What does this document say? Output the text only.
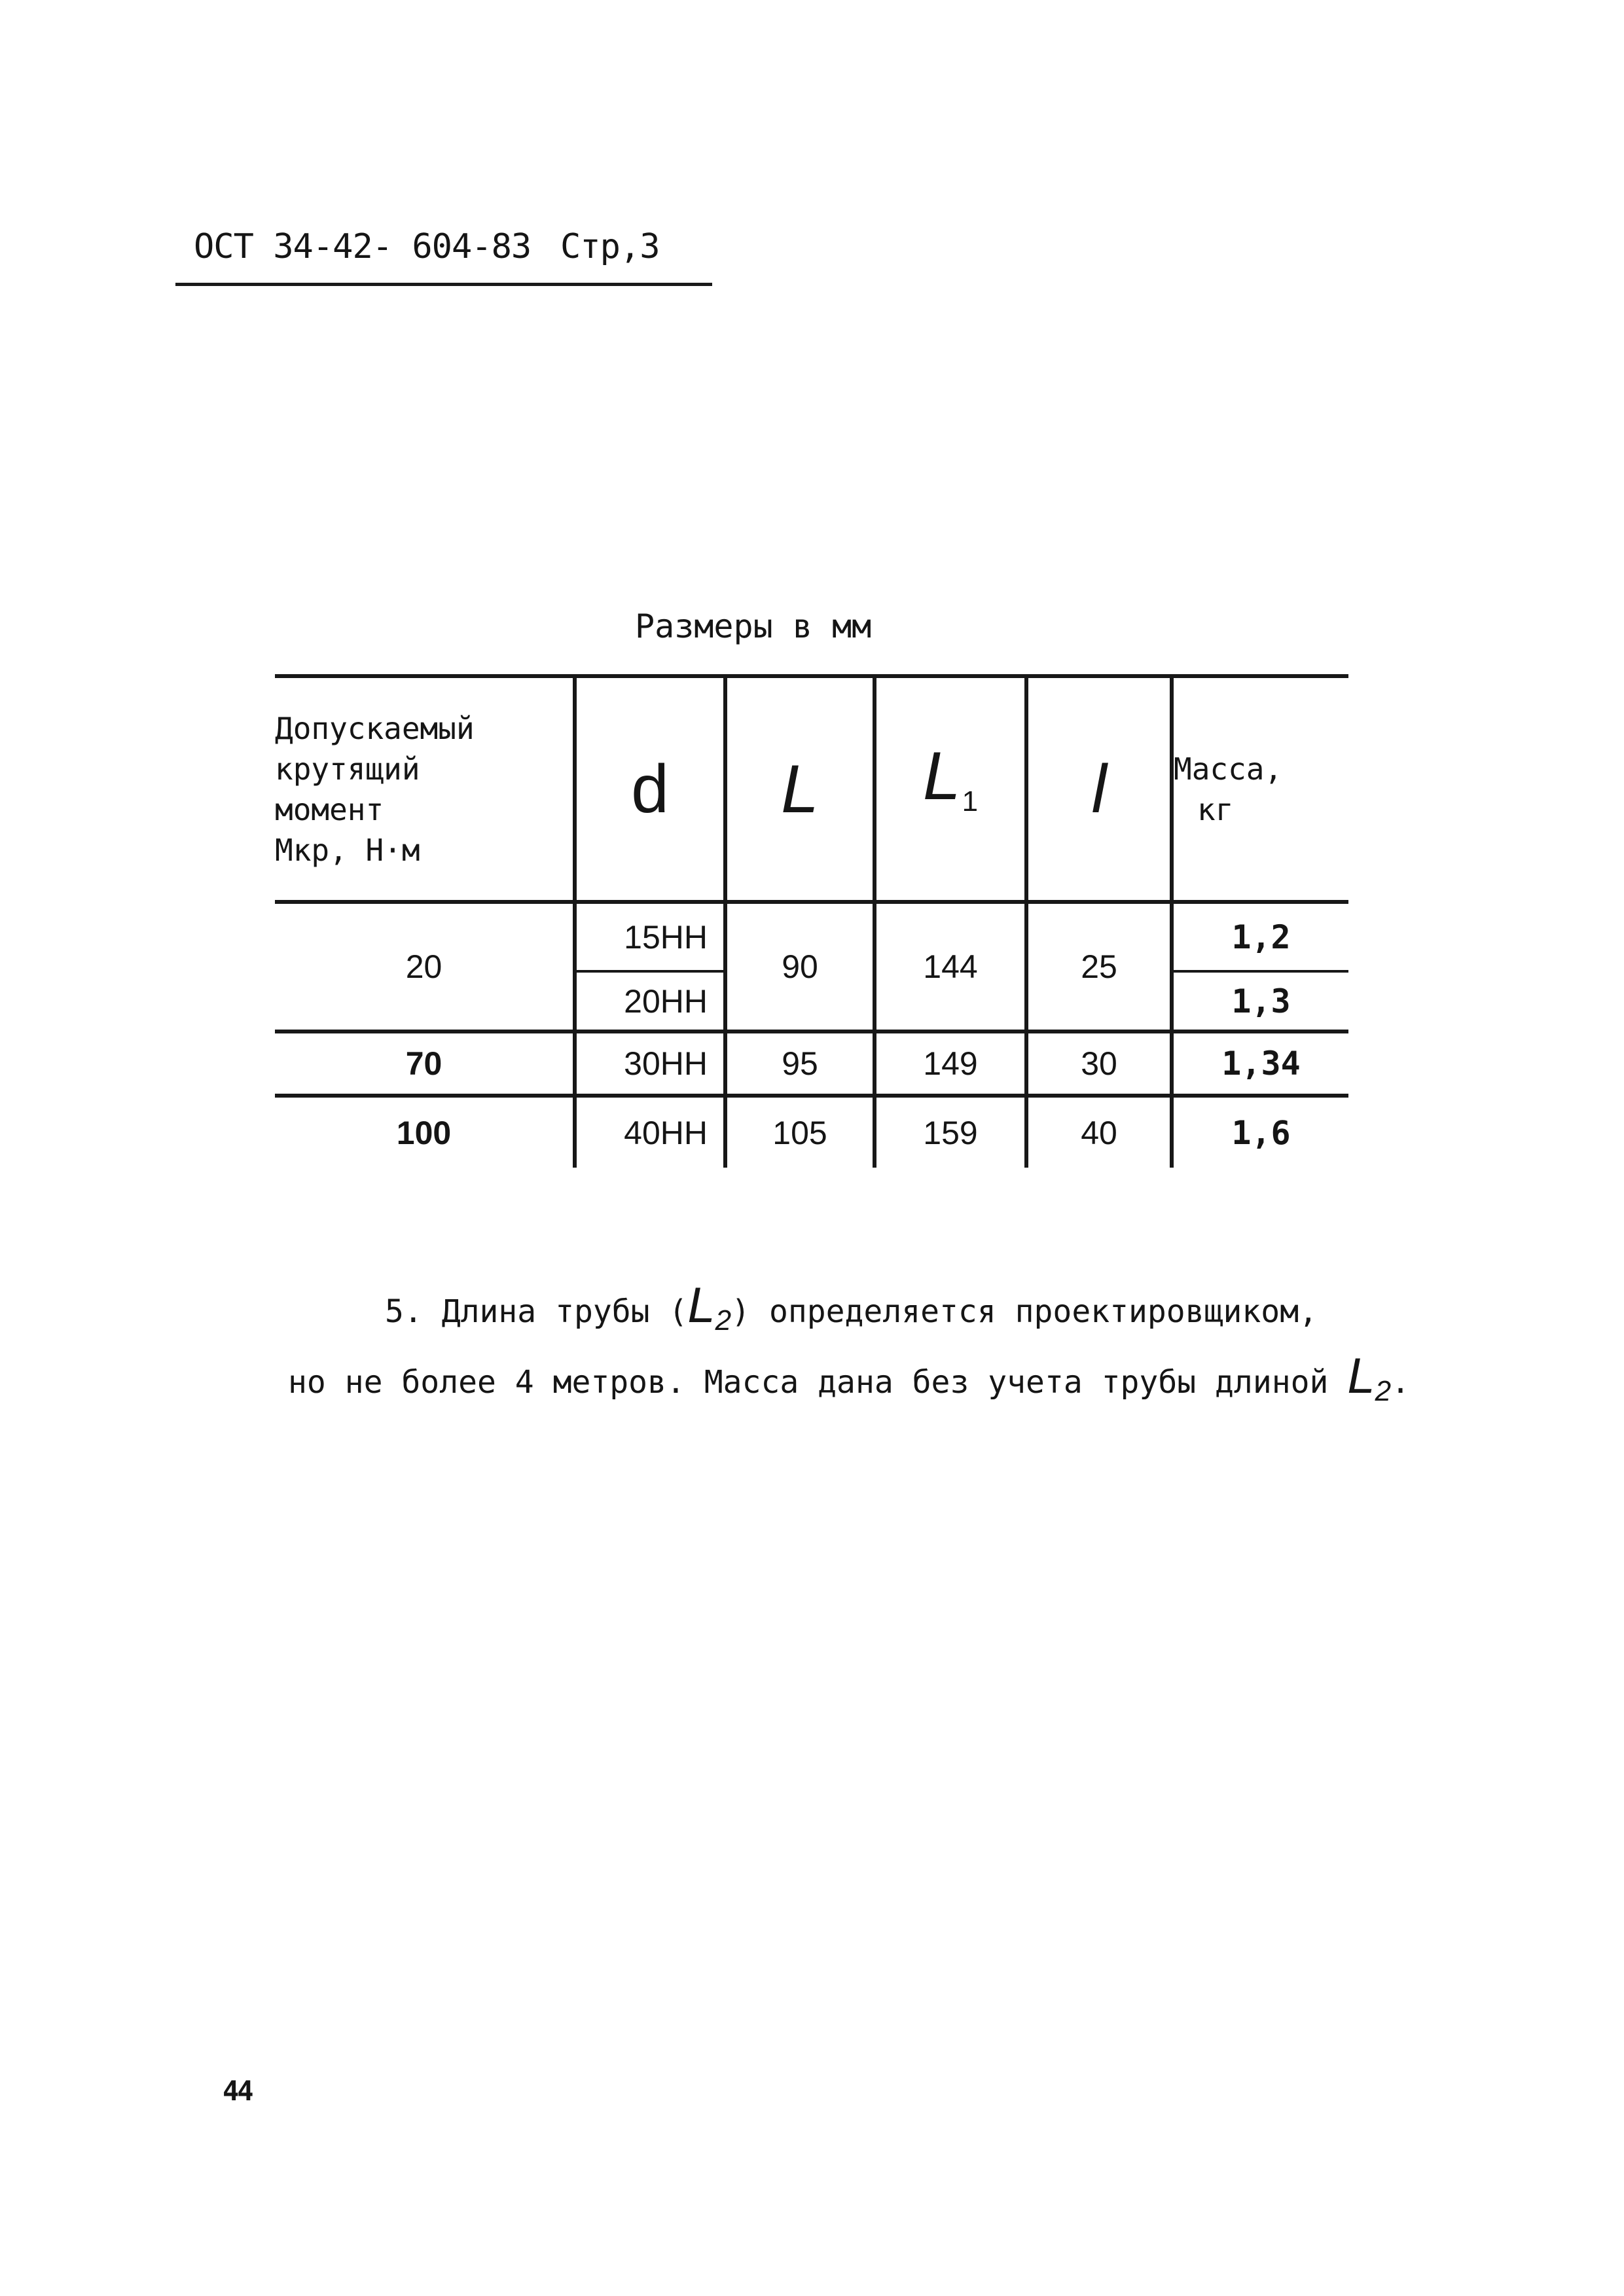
ОСТ 34-42- 604-83 Стр,3
Размеры в мм
Допускаемый
крутящий
момент
Мкр, Н·м	d	L	$L_1$	l	Масса,
кг

20	15НН	90	144	25	1,2
	20НН				1,3
70	30НН	95	149	30	1,34
100	40НН	105	159	40	1,6
5. Длина трубы (L2) определяется проектировщиком,
но не более 4 метров. Масса дана без учета трубы длиной L2.
44
